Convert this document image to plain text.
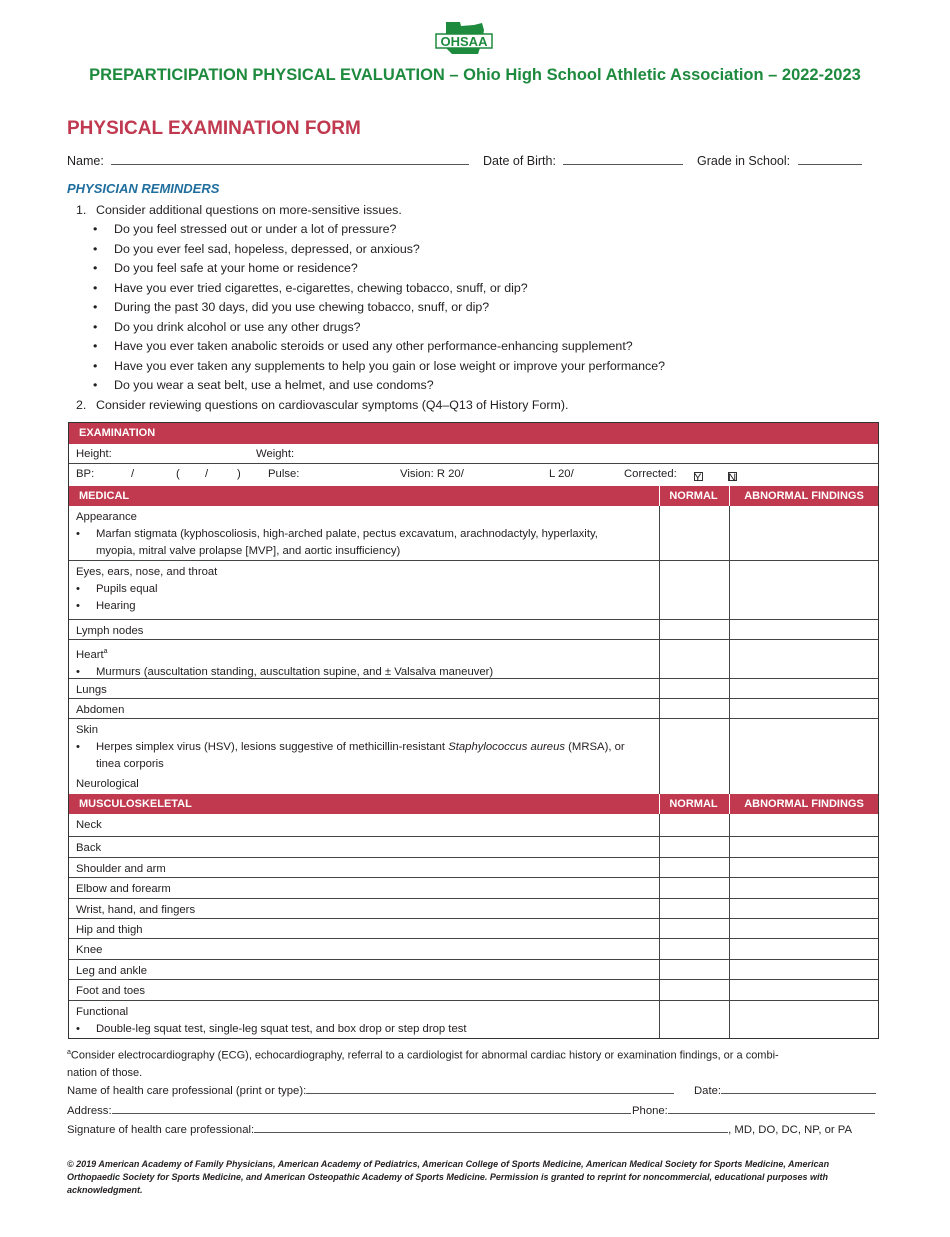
OHSAA
PREPARTICIPATION PHYSICAL EVALUATION – Ohio High School Athletic Association – 2022-2023
PHYSICAL EXAMINATION FORM
Name:	Date of Birth:	Grade in School:
PHYSICIAN REMINDERS
1. Consider additional questions on more-sensitive issues.
• Do you feel stressed out or under a lot of pressure?
• Do you ever feel sad, hopeless, depressed, or anxious?
• Do you feel safe at your home or residence?
• Have you ever tried cigarettes, e-cigarettes, chewing tobacco, snuff, or dip?
• During the past 30 days, did you use chewing tobacco, snuff, or dip?
• Do you drink alcohol or use any other drugs?
• Have you ever taken anabolic steroids or used any other performance-enhancing supplement?
• Have you ever taken any supplements to help you gain or lose weight or improve your performance?
• Do you wear a seat belt, use a helmet, and use condoms?
2. Consider reviewing questions on cardiovascular symptoms (Q4–Q13 of History Form).
EXAMINATION
Height:	Weight:
BP:	/	( /	) Pulse:	Vision: R 20/	L 20/	Corrected: Y N
MEDICAL	NORMAL	ABNORMAL FINDINGS
Appearance
• Marfan stigmata (kyphoscoliosis, high-arched palate, pectus excavatum, arachnodactyly, hyperlaxity,
myopia, mitral valve prolapse [MVP], and aortic insufficiency)
Eyes, ears, nose, and throat
• Pupils equal
• Hearing
Lymph nodes
Heart$^a$
• Murmurs (auscultation standing, auscultation supine, and ± Valsalva maneuver)
Lungs
Abdomen
Skin
• Herpes simplex virus (HSV), lesions suggestive of methicillin-resistant Staphylococcus aureus (MRSA), or
tinea corporis
Neurological
MUSCULOSKELETAL	NORMAL	ABNORMAL FINDINGS
Neck
Back
Shoulder and arm
Elbow and forearm
Wrist, hand, and fingers
Hip and thigh
Knee
Leg and ankle
Foot and toes
Functional
• Double-leg squat test, single-leg squat test, and box drop or step drop test
$^a$Consider electrocardiography (ECG), echocardiography, referral to a cardiologist for abnormal cardiac history or examination findings, or a combi-
nation of those.
Name of health care professional (print or type):	Date:
Address:	Phone:
Signature of health care professional:	, MD, DO, DC, NP, or PA
© 2019 American Academy of Family Physicians, American Academy of Pediatrics, American College of Sports Medicine, American Medical Society for Sports Medicine, American Orthopaedic Society for Sports Medicine, and American Osteopathic Academy of Sports Medicine. Permission is granted to reprint for noncommercial, educational purposes with acknowledgment.
